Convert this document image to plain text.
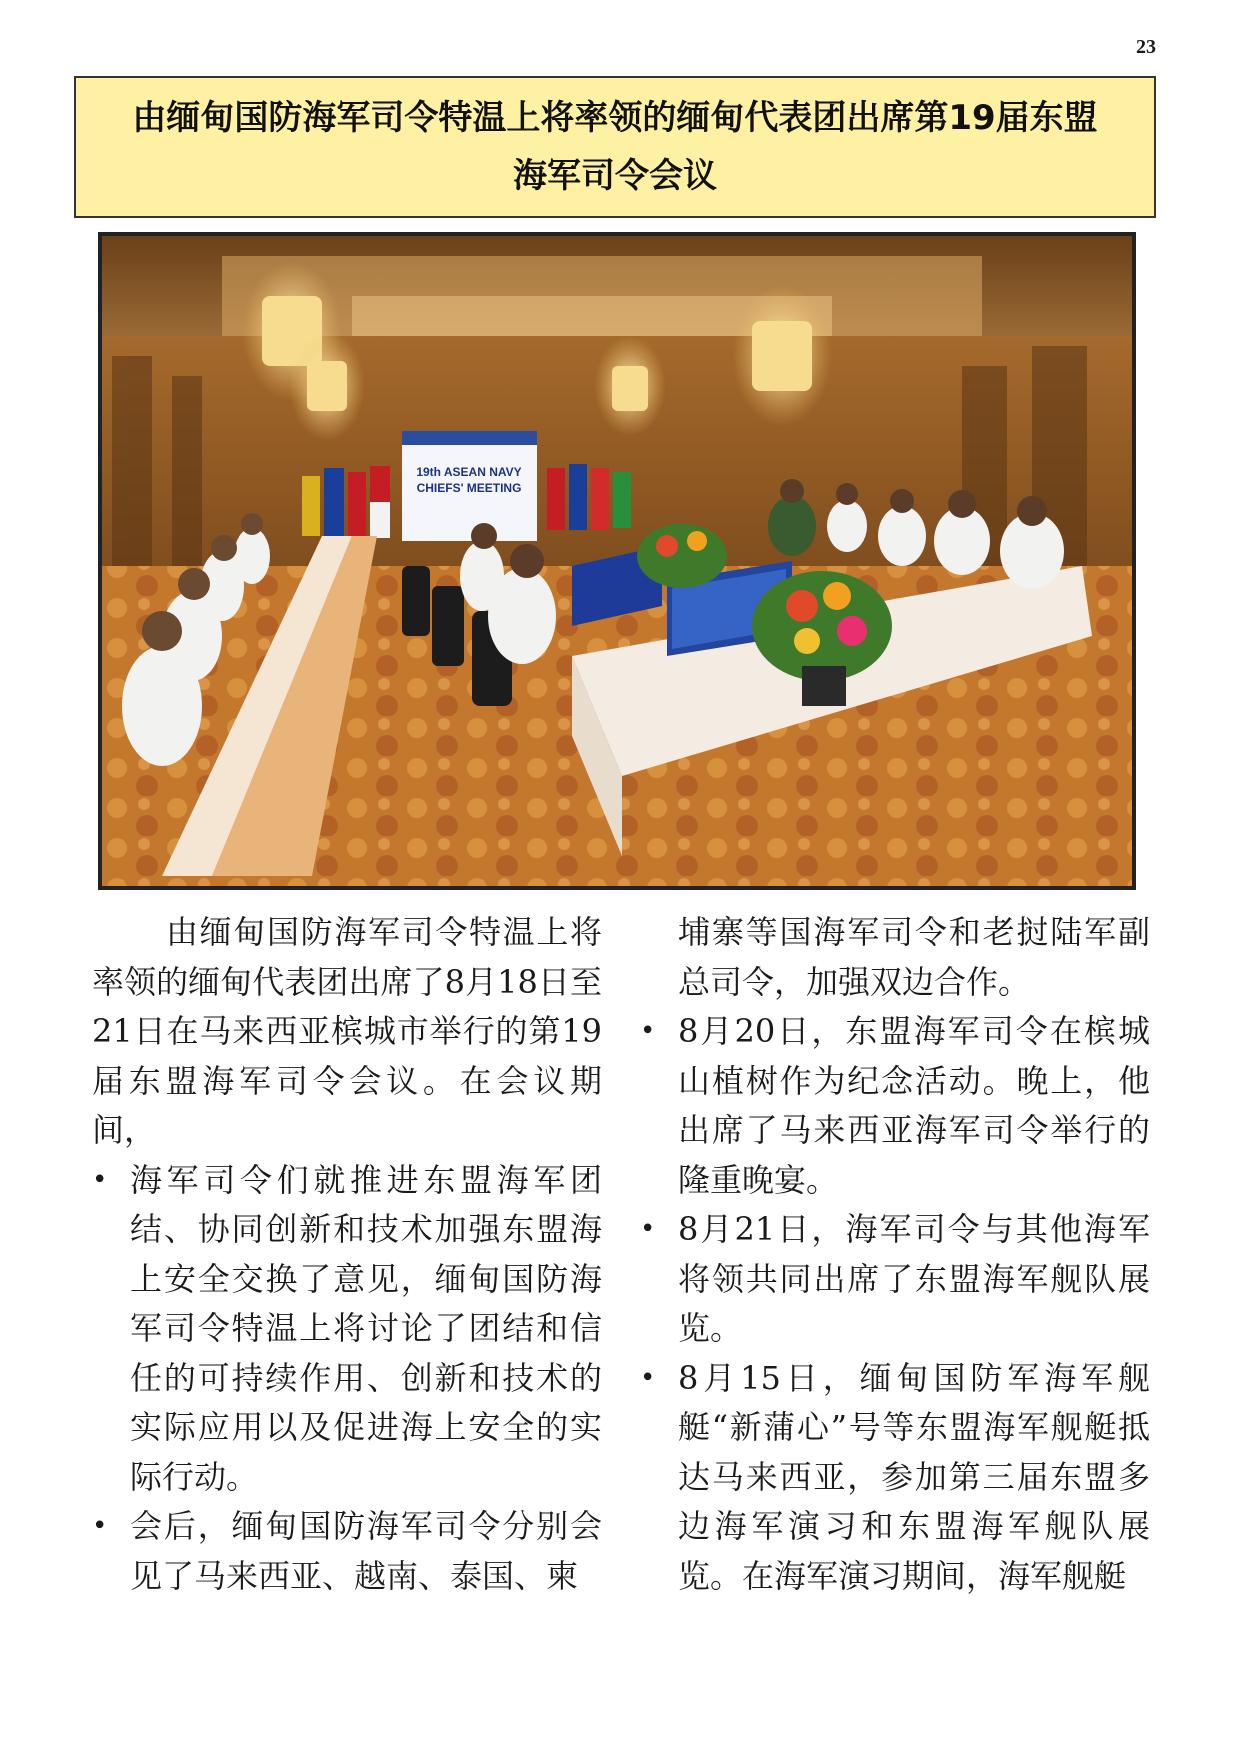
23
由缅甸国防海军司令特温上将率领的缅甸代表团出席第19届东盟
海军司令会议
19th ASEAN NAVY
CHIEFS' MEETING

由缅甸国防海军司令特温上将率领的缅甸代表团出席了8月18日至21日在马来西亚槟城市举行的第19届东盟海军司令会议。在会议期间，

• 海军司令们就推进东盟海军团结、协同创新和技术加强东盟海上安全交换了意见，缅甸国防海军司令特温上将讨论了团结和信任的可持续作用、创新和技术的实际应用以及促进海上安全的实际行动。
• 会后，缅甸国防海军司令分别会见了马来西亚、越南、泰国、柬

埔寨等国海军司令和老挝陆军副总司令，加强双边合作。

• 8月20日，东盟海军司令在槟城山植树作为纪念活动。晚上，他出席了马来西亚海军司令举行的隆重晚宴。
• 8月21日，海军司令与其他海军将领共同出席了东盟海军舰队展览。
• 8月15日，缅甸国防军海军舰艇“新蒲心”号等东盟海军舰艇抵达马来西亚，参加第三届东盟多边海军演习和东盟海军舰队展览。在海军演习期间，海军舰艇
